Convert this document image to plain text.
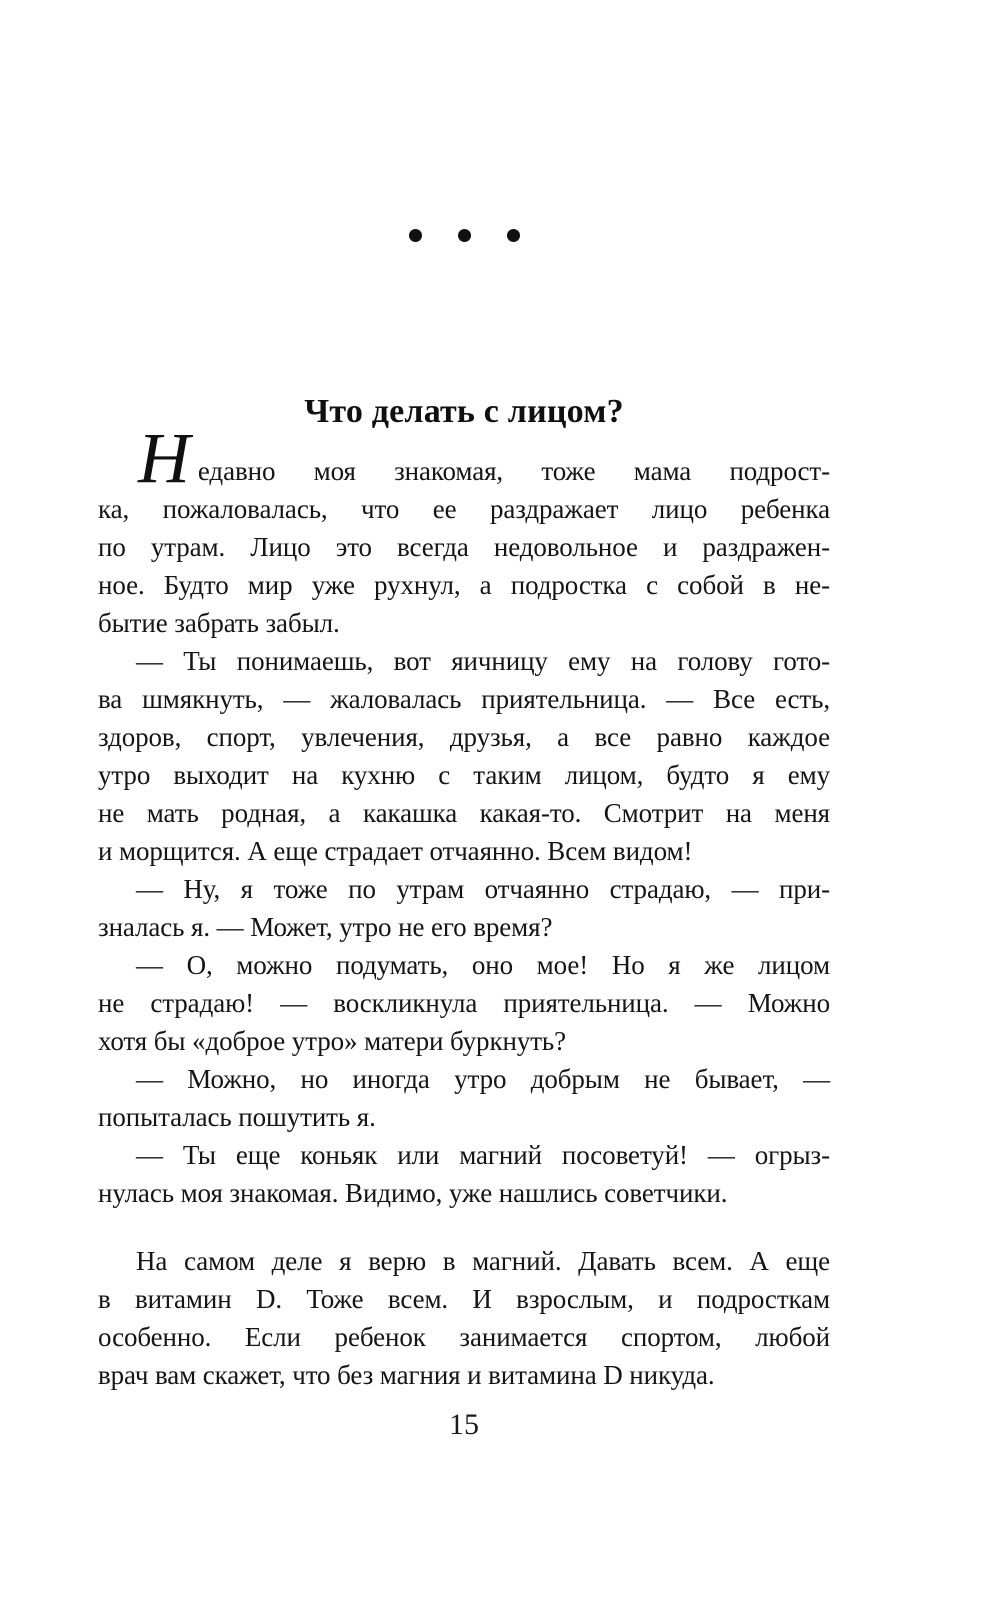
Что делать с лицом?

Недавно моя знакомая, тоже мама подрост-
ка, пожаловалась, что ее раздражает лицо ребенка
по утрам. Лицо это всегда недовольное и раздражен-
ное. Будто мир уже рухнул, а подростка с собой в не-
бытие забрать забыл.

— Ты понимаешь, вот яичницу ему на голову гото-
ва шмякнуть, — жаловалась приятельница. — Все есть,
здоров, спорт, увлечения, друзья, а все равно каждое
утро выходит на кухню с таким лицом, будто я ему
не мать родная, а какашка какая-то. Смотрит на меня
и морщится. А еще страдает отчаянно. Всем видом!

— Ну, я тоже по утрам отчаянно страдаю, — при-
зналась я. — Может, утро не его время?

— О, можно подумать, оно мое! Но я же лицом
не страдаю! — воскликнула приятельница. — Можно
хотя бы «доброе утро» матери буркнуть?

— Можно, но иногда утро добрым не бывает, —
попыталась пошутить я.

— Ты еще коньяк или магний посоветуй! — огрыз-
нулась моя знакомая. Видимо, уже нашлись советчики.

На самом деле я верю в магний. Давать всем. А еще
в витамин D. Тоже всем. И взрослым, и подросткам
особенно. Если ребенок занимается спортом, любой
врач вам скажет, что без магния и витамина D никуда.

15
